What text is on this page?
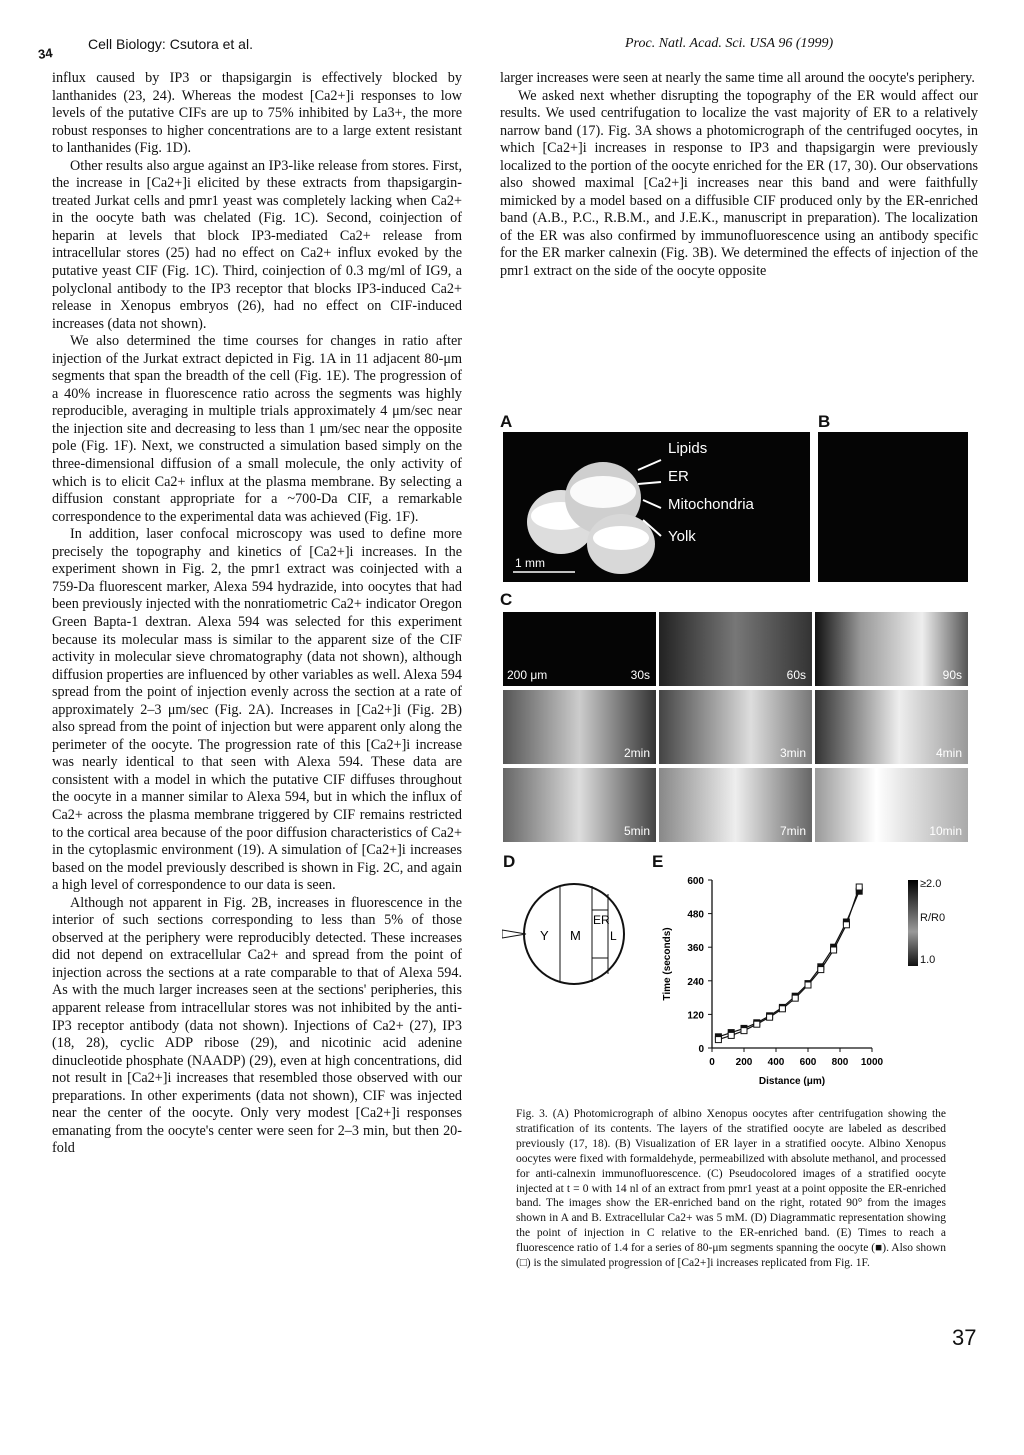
34
Cell Biology: Csutora et al.	Proc. Natl. Acad. Sci. USA 96 (1999)

influx caused by IP3 or thapsigargin is effectively blocked by lanthanides (23, 24). Whereas the modest [Ca2+]i responses to low levels of the putative CIFs are up to 75% inhibited by La3+, the more robust responses to higher concentrations are to a large extent resistant to lanthanides (Fig. 1D).

Other results also argue against an IP3-like release from stores. First, the increase in [Ca2+]i elicited by these extracts from thapsigargin-treated Jurkat cells and pmr1 yeast was completely lacking when Ca2+ in the oocyte bath was chelated (Fig. 1C). Second, coinjection of heparin at levels that block IP3-mediated Ca2+ release from intracellular stores (25) had no effect on Ca2+ influx evoked by the putative yeast CIF (Fig. 1C). Third, coinjection of 0.3 mg/ml of IG9, a polyclonal antibody to the IP3 receptor that blocks IP3-induced Ca2+ release in Xenopus embryos (26), had no effect on CIF-induced increases (data not shown).

We also determined the time courses for changes in ratio after injection of the Jurkat extract depicted in Fig. 1A in 11 adjacent 80-μm segments that span the breadth of the cell (Fig. 1E). The progression of a 40% increase in fluorescence ratio across the segments was highly reproducible, averaging in multiple trials approximately 4 μm/sec near the injection site and decreasing to less than 1 μm/sec near the opposite pole (Fig. 1F). Next, we constructed a simulation based simply on the three-dimensional diffusion of a small molecule, the only activity of which is to elicit Ca2+ influx at the plasma membrane. By selecting a diffusion constant appropriate for a ~700-Da CIF, a remarkable correspondence to the experimental data was achieved (Fig. 1F).

In addition, laser confocal microscopy was used to define more precisely the topography and kinetics of [Ca2+]i increases. In the experiment shown in Fig. 2, the pmr1 extract was coinjected with a 759-Da fluorescent marker, Alexa 594 hydrazide, into oocytes that had been previously injected with the nonratiometric Ca2+ indicator Oregon Green Bapta-1 dextran. Alexa 594 was selected for this experiment because its molecular mass is similar to the apparent size of the CIF activity in molecular sieve chromatography (data not shown), although diffusion properties are influenced by other variables as well. Alexa 594 spread from the point of injection evenly across the section at a rate of approximately 2–3 μm/sec (Fig. 2A). Increases in [Ca2+]i (Fig. 2B) also spread from the point of injection but were apparent only along the perimeter of the oocyte. The progression rate of this [Ca2+]i increase was nearly identical to that seen with Alexa 594. These data are consistent with a model in which the putative CIF diffuses throughout the oocyte in a manner similar to Alexa 594, but in which the influx of Ca2+ across the plasma membrane triggered by CIF remains restricted to the cortical area because of the poor diffusion characteristics of Ca2+ in the cytoplasmic environment (19). A simulation of [Ca2+]i increases based on the model previously described is shown in Fig. 2C, and again a high level of correspondence to our data is seen.

Although not apparent in Fig. 2B, increases in fluorescence in the interior of such sections corresponding to less than 5% of those observed at the periphery were reproducibly detected. These increases did not depend on extracellular Ca2+ and spread from the point of injection across the sections at a rate comparable to that of Alexa 594. As with the much larger increases seen at the sections' peripheries, this apparent release from intracellular stores was not inhibited by the anti-IP3 receptor antibody (data not shown). Injections of Ca2+ (27), IP3 (18, 28), cyclic ADP ribose (29), and nicotinic acid adenine dinucleotide phosphate (NAADP) (29), even at high concentrations, did not result in [Ca2+]i increases that resembled those observed with our preparations. In other experiments (data not shown), CIF was injected near the center of the oocyte. Only very modest [Ca2+]i responses emanating from the oocyte's center were seen for 2–3 min, but then 20-fold

larger increases were seen at nearly the same time all around the oocyte's periphery.

We asked next whether disrupting the topography of the ER would affect our results. We used centrifugation to localize the vast majority of ER to a relatively narrow band (17). Fig. 3A shows a photomicrograph of the centrifuged oocytes, in which [Ca2+]i increases in response to IP3 and thapsigargin were previously localized to the portion of the oocyte enriched for the ER (17, 30). Our observations also showed maximal [Ca2+]i increases near this band and were faithfully mimicked by a model based on a diffusible CIF produced only by the ER-enriched band (A.B., P.C., R.B.M., and J.E.K., manuscript in preparation). The localization of the ER was also confirmed by immunofluorescence using an antibody specific for the ER marker calnexin (Fig. 3B). We determined the effects of injection of the pmr1 extract on the side of the oocyte opposite

A	B
Lipids
ER
Mitochondria
Yolk
1 mm
C
200 μm	30s	60s	90s
2min	3min	4min
5min	7min	10min
D
Y M
ER
L
E
0
120
240
360
480
600
0 200 400 600 800 1000
Distance (μm)
Time (seconds)
≥2.0
R/R0
1.0
Fig. 3. (A) Photomicrograph of albino Xenopus oocytes after centrifugation showing the stratification of its contents. The layers of the stratified oocyte are labeled as described previously (17, 18). (B) Visualization of ER layer in a stratified oocyte. Albino Xenopus oocytes were fixed with formaldehyde, permeabilized with absolute methanol, and processed for anti-calnexin immunofluorescence. (C) Pseudocolored images of a stratified oocyte injected at t = 0 with 14 nl of an extract from pmr1 yeast at a point opposite the ER-enriched band. The images show the ER-enriched band on the right, rotated 90° from the images shown in A and B. Extracellular Ca2+ was 5 mM. (D) Diagrammatic representation showing the point of injection in C relative to the ER-enriched band. (E) Times to reach a fluorescence ratio of 1.4 for a series of 80-μm segments spanning the oocyte (■). Also shown (□) is the simulated progression of [Ca2+]i increases replicated from Fig. 1F.
37
